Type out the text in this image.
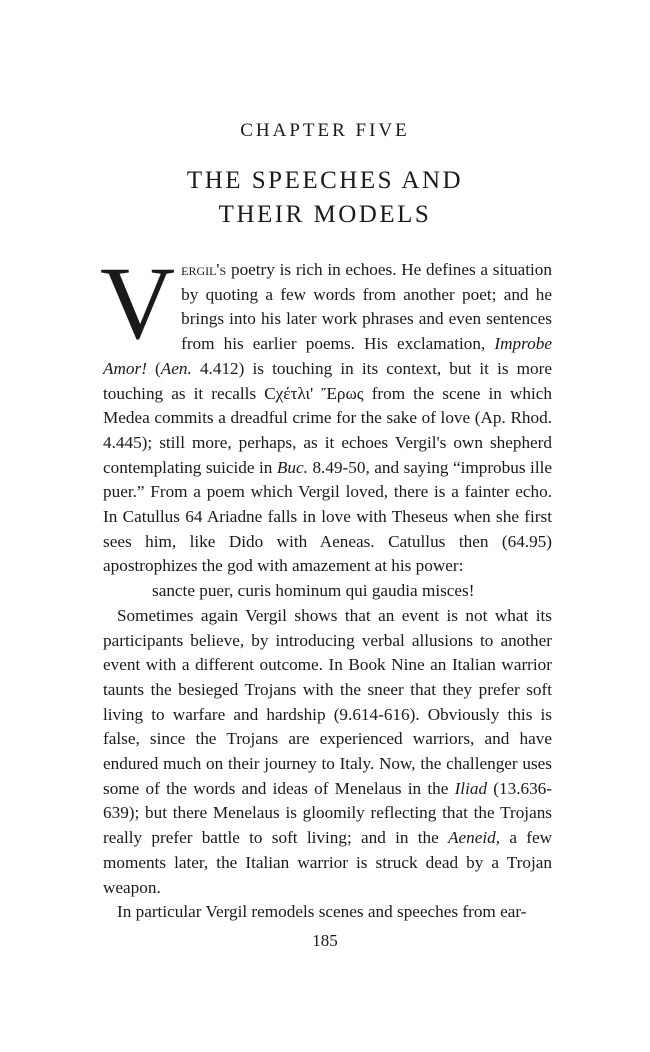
CHAPTER FIVE
THE SPEECHES AND
THEIR MODELS

Vergil's poetry is rich in echoes. He defines a situation by quoting a few words from another poet; and he brings into his later work phrases and even sentences from his earlier poems. His exclamation, Improbe Amor! (Aen. 4.412) is touching in its context, but it is more touching as it recalls Cχέτλι' Ἔρως from the scene in which Medea commits a dreadful crime for the sake of love (Ap. Rhod. 4.445); still more, perhaps, as it echoes Vergil's own shepherd contemplating suicide in Buc. 8.49-50, and saying “improbus ille puer.” From a poem which Vergil loved, there is a fainter echo. In Catullus 64 Ariadne falls in love with Theseus when she first sees him, like Dido with Aeneas. Catullus then (64.95) apostrophizes the god with amazement at his power:

sancte puer, curis hominum qui gaudia misces!

Sometimes again Vergil shows that an event is not what its participants believe, by introducing verbal allusions to another event with a different outcome. In Book Nine an Italian warrior taunts the besieged Trojans with the sneer that they prefer soft living to warfare and hardship (9.614-616). Obviously this is false, since the Trojans are experienced warriors, and have endured much on their journey to Italy. Now, the challenger uses some of the words and ideas of Menelaus in the Iliad (13.636-639); but there Menelaus is gloomily reflecting that the Trojans really prefer battle to soft living; and in the Aeneid, a few moments later, the Italian warrior is struck dead by a Trojan weapon.

In particular Vergil remodels scenes and speeches from ear-

185
